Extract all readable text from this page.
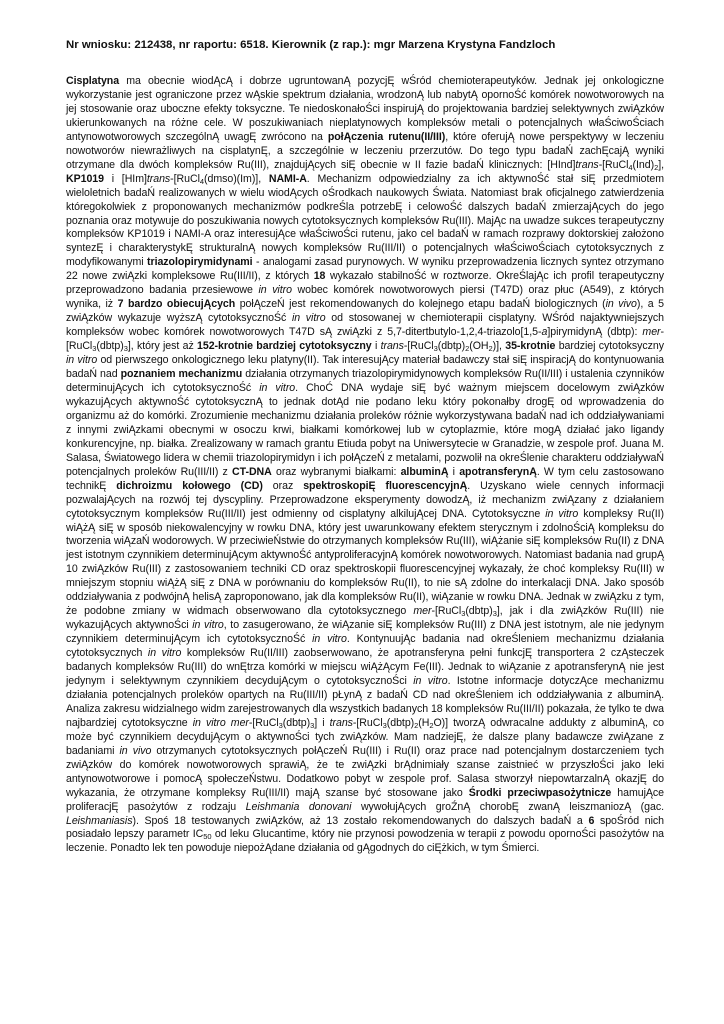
Nr wniosku: 212438, nr raportu: 6518. Kierownik (z rap.): mgr Marzena Krystyna Fandzloch

Cisplatyna ma obecnie wiodĄcĄ i dobrze ugruntowanĄ pozycjĘ wŚród chemioterapeutyków. Jednak jej onkologiczne wykorzystanie jest ograniczone przez wĄskie spektrum działania, wrodzonĄ lub nabytĄ opornoŚć komórek nowotworowych na jej stosowanie oraz uboczne efekty toksyczne. Te niedoskonałoŚci inspirujĄ do projektowania bardziej selektywnych zwiĄzków ukierunkowanych na różne cele. W poszukiwaniach nieplatynowych kompleksów metali o potencjalnych właŚciwoŚciach antynowotworowych szczególnĄ uwagĘ zwrócono na połĄczenia rutenu(II/III), które oferujĄ nowe perspektywy w leczeniu nowotworów niewrażliwych na cisplatynĘ, a szczególnie w leczeniu przerzutów. Do tego typu badaŃ zachĘcajĄ wyniki otrzymane dla dwóch kompleksów Ru(III), znajdujĄcych siĘ obecnie w II fazie badaŃ klinicznych: $[HInd]trans-[RuCl_4(Ind)_2]$, KP1019 i [HIm]trans-[RuCl$_4$(dmso)(Im)], NAMI-A. Mechanizm odpowiedzialny za ich aktywnoŚć stał siĘ przedmiotem wieloletnich badaŃ realizowanych w wielu wiodĄcych oŚrodkach naukowych Świata. Natomiast brak oficjalnego zatwierdzenia któregokolwiek z proponowanych mechanizmów podkreŚla potrzebĘ i celowoŚć dalszych badaŃ zmierzajĄcych do jego poznania oraz motywuje do poszukiwania nowych cytotoksycznych kompleksów Ru(III). MajĄc na uwadze sukces terapeutyczny kompleksów KP1019 i NAMI-A oraz interesujĄce właŚciwoŚci rutenu, jako cel badaŃ w ramach rozprawy doktorskiej założono syntezĘ i charakterystykĘ strukturalnĄ nowych kompleksów Ru(III/II) o potencjalnych właŚciwoŚciach cytotoksycznych z modyfikowanymi triazolopirymidynami - analogami zasad purynowych. W wyniku przeprowadzenia licznych syntez otrzymano 22 nowe zwiĄzki kompleksowe Ru(III/II), z których 18 wykazało stabilnoŚć w roztworze. OkreŚlajĄc ich profil terapeutyczny przeprowadzono badania przesiewowe in vitro wobec komórek nowotworowych piersi (T47D) oraz płuc (A549), z których wynika, iż 7 bardzo obiecujĄcych połĄczeŃ jest rekomendowanych do kolejnego etapu badaŃ biologicznych (in vivo), a 5 zwiĄzków wykazuje wyższĄ cytotoksycznoŚć in vitro od stosowanej w chemioterapii cisplatyny. WŚród najaktywniejszych kompleksów wobec komórek nowotworowych T47D sĄ zwiĄzki z 5,7-ditertbutylo-1,2,4-triazolo[1,5-a]pirymidynĄ (dbtp): mer-$[RuCl_3(dbtp)_3]$, który jest aż 152-krotnie bardziej cytotoksyczny i trans-$[RuCl_3(dbtp)_2(OH_2)]$, 35-krotnie bardziej cytotoksyczny in vitro od pierwszego onkologicznego leku platyny(II). Tak interesujĄcy materiał badawczy stał siĘ inspiracjĄ do kontynuowania badaŃ nad poznaniem mechanizmu działania otrzymanych triazolopirymidynowych kompleksów Ru(II/III) i ustalenia czynników determinujĄcych ich cytotoksycznoŚć in vitro. ChoĆ DNA wydaje siĘ być ważnym miejscem docelowym zwiĄzków wykazujĄcych aktywnoŚć cytotoksycznĄ to jednak dotĄd nie podano leku który pokonałby drogĘ od wprowadzenia do organizmu aż do komórki. Zrozumienie mechanizmu działania proleków różnie wykorzystywana badaŃ nad ich oddziaływaniami z innymi zwiĄzkami obecnymi w osoczu krwi, białkami komórkowej lub w cytoplazmie, które mogĄ działać jako ligandy konkurencyjne, np. białka. Zrealizowany w ramach grantu Etiuda pobyt na Uniwersytecie w Granadzie, w zespole prof. Juana M. Salasa, Światowego lidera w chemii triazolopirymidyn i ich połĄczeŃ z metalami, pozwolił na okreŚlenie charakteru oddziaływaŃ potencjalnych proleków Ru(III/II) z CT-DNA oraz wybranymi białkami: albuminĄ i apotransferynĄ. W tym celu zastosowano technikĘ dichroizmu kołowego (CD) oraz spektroskopiĘ fluorescencyjnĄ. Uzyskano wiele cennych informacji pozwalajĄcych na rozwój tej dyscypliny. Przeprowadzone eksperymenty dowodzĄ, iż mechanizm zwiĄzany z działaniem cytotoksycznym kompleksów Ru(III/II) jest odmienny od cisplatyny alkilujĄcej DNA. Cytotoksyczne in vitro kompleksy Ru(II) wiĄżĄ siĘ w sposób niekowalencyjny w rowku DNA, który jest uwarunkowany efektem sterycznym i zdolnoŚciĄ kompleksu do tworzenia wiĄzaŃ wodorowych. W przeciwieŃstwie do otrzymanych kompleksów Ru(III), wiĄżanie siĘ kompleksów Ru(II) z DNA jest istotnym czynnikiem determinujĄcym aktywnoŚć antyproliferacyjnĄ komórek nowotworowych. Natomiast badania nad grupĄ 10 zwiĄzków Ru(III) z zastosowaniem techniki CD oraz spektroskopii fluorescencyjnej wykazały, że choć kompleksy Ru(III) w mniejszym stopniu wiĄżĄ siĘ z DNA w porównaniu do kompleksów Ru(II), to nie sĄ zdolne do interkalacji DNA. Jako sposób oddziaływania z podwójnĄ helisĄ zaproponowano, jak dla kompleksów Ru(II), wiĄzanie w rowku DNA. Jednak w zwiĄzku z tym, że podobne zmiany w widmach obserwowano dla cytotoksycznego mer-$[RuCl_3(dbtp)_3]$, jak i dla zwiĄzków Ru(III) nie wykazujĄcych aktywnoŚci in vitro, to zasugerowano, że wiĄzanie siĘ kompleksów Ru(III) z DNA jest istotnym, ale nie jedynym czynnikiem determinujĄcym ich cytotoksycznoŚć in vitro. KontynuujĄc badania nad okreŚleniem mechanizmu działania cytotoksycznych in vitro kompleksów Ru(II/III) zaobserwowano, że apotransferyna pełni funkcjĘ transportera 2 czĄsteczek badanych kompleksów Ru(III) do wnĘtrza komórki w miejscu wiĄżĄcym Fe(III). Jednak to wiĄzanie z apotransferynĄ nie jest jedynym i selektywnym czynnikiem decydujĄcym o cytotoksycznoŚci in vitro. Istotne informacje dotyczĄce mechanizmu działania potencjalnych proleków opartych na Ru(III/II) pŁynĄ z badaŃ CD nad okreŚleniem ich oddziaływania z albuminĄ. Analiza zakresu widzialnego widm zarejestrowanych dla wszystkich badanych 18 kompleksów Ru(III/II) pokazała, że tylko te dwa najbardziej cytotoksyczne in vitro mer-$[RuCl_3(dbtp)_3]$ i trans-$[RuCl_3(dbtp)_2(H_2O)]$ tworzĄ odwracalne addukty z albuminĄ, co może być czynnikiem decydujĄcym o aktywnoŚci tych zwiĄzków. Mam nadziejĘ, że dalsze plany badawcze zwiĄzane z badaniami in vivo otrzymanych cytotoksycznych połĄczeŃ Ru(III) i Ru(II) oraz prace nad potencjalnym dostarczeniem tych zwiĄzków do komórek nowotworowych sprawiĄ, że te zwiĄzki brĄdnimiały szanse zaistnieć w przyszłoŚci jako leki antynowotworowe i pomocĄ społeczeŃstwu. Dodatkowo pobyt w zespole prof. Salasa stworzył niepowtarzalnĄ okazjĘ do wykazania, że otrzymane kompleksy Ru(III/II) majĄ szanse być stosowane jako Środki przeciwpasożytnicze hamujĄce proliferacjĘ pasożytów z rodzaju Leishmania donovani wywołujĄcych groŹnĄ chorobĘ zwanĄ leiszmaniozĄ (gac. Leishmaniasis). Spoś 18 testowanych zwiĄzków, aż 13 zostało rekomendowanych do dalszych badaŃ a 6 spoŚród nich posiadało lepszy parametr $IC_{50}$ od leku Glucantime, który nie przynosi powodzenia w terapii z powodu opornoŚci pasożytów na leczenie. Ponadto lek ten powoduje niepożĄdane działania od gĄgodnych do ciĘżkich, w tym Śmierci.
